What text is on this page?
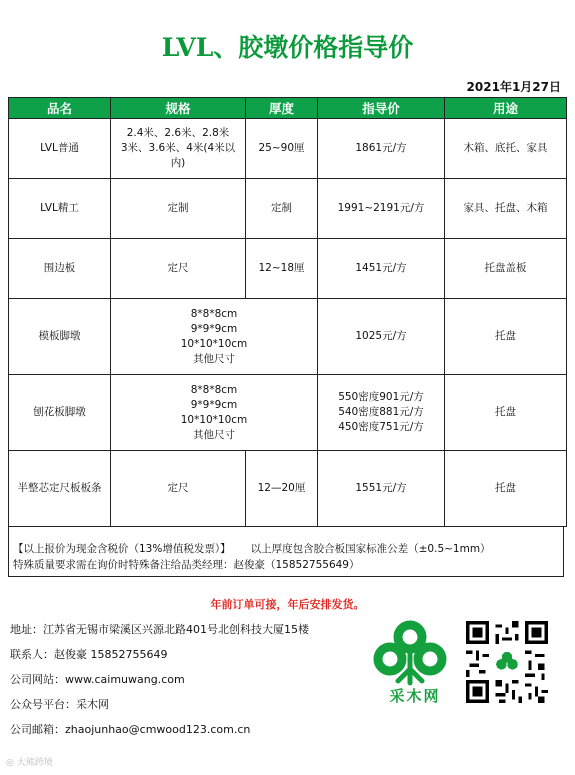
LVL、胶墩价格指导价
2021年1月27日
品名	规格	厚度	指导价	用途
LVL普通	2.4米、2.6米、2.8米
3米、3.6米、4米(4米以内)	25~90厘	1861元/方	木箱、底托、家具
LVL精工	定制	定制	1991~2191元/方	家具、托盘、木箱
围边板	定尺	12~18厘	1451元/方	托盘盖板
模板脚墩	8*8*8cm
9*9*9cm
10*10*10cm
其他尺寸		1025元/方	托盘
刨花板脚墩	8*8*8cm
9*9*9cm
10*10*10cm
其他尺寸		550密度901元/方
540密度881元/方
450密度751元/方	托盘
半整芯定尺板板条	定尺	12—20厘	1551元/方	托盘
【以上报价为现金含税价（13%增值税发票）】 以上厚度包含胶合板国家标准公差（±0.5~1mm）
特殊质量要求需在询价时特殊备注给品类经理：赵俊豪（15852755649）
年前订单可接，年后安排发货。
地址：江苏省无锡市梁溪区兴源北路401号北创科技大厦15楼
联系人：赵俊豪 15852755649
公司网站：www.caimuwang.com
公众号平台：采木网
公司邮箱：zhaojunhao@cmwood123.com.cn
采木网
◎ 大熊跨境
